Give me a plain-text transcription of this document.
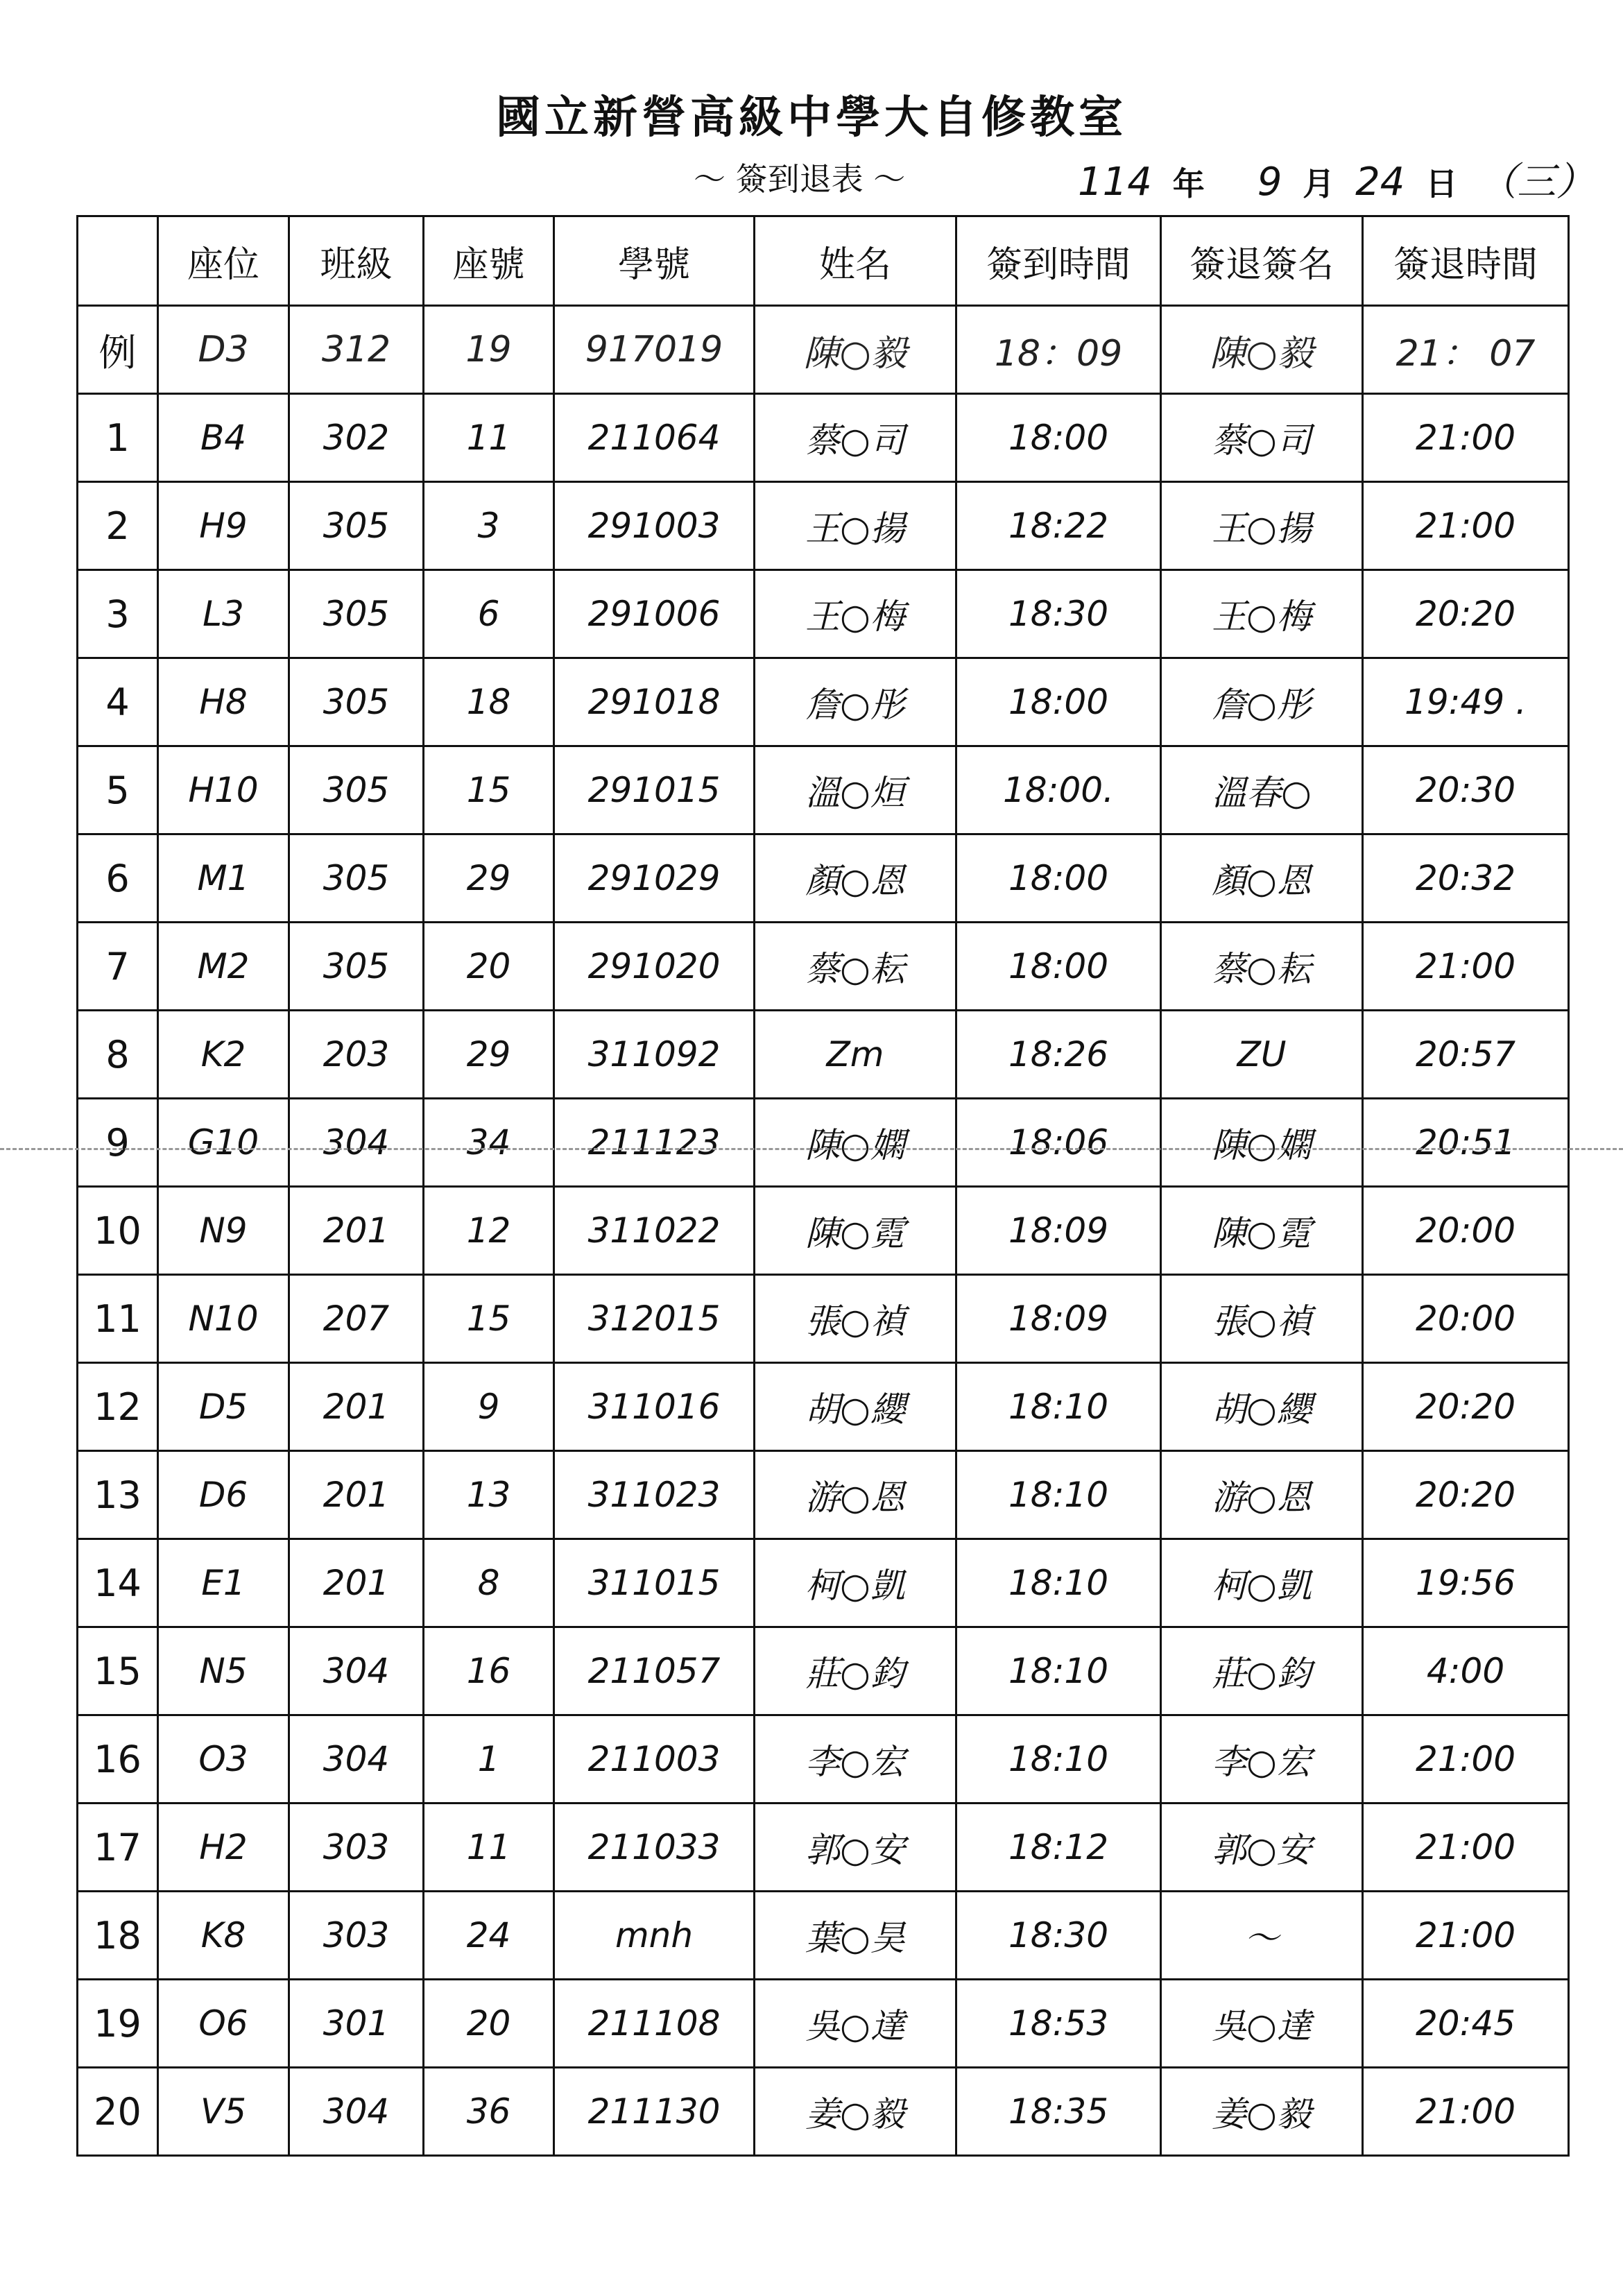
國立新營高級中學大自修教室
～ 簽到退表 ～	114 年 9 月 24 日 （三）
	座位	班級	座號	學號	姓名	簽到時間	簽退簽名	簽退時間
例	D3	312	19	917019	陳○毅	18：09	陳○毅	21： 07
1	B4	302	11	211064	蔡○司	18:00	蔡○司	21:00
2	H9	305	3	291003	王○揚	18:22	王○揚	21:00
3	L3	305	6	291006	王○梅	18:30	王○梅	20:20
4	H8	305	18	291018	詹○彤	18:00	詹○彤	19:49 .
5	H10	305	15	291015	溫○烜	18:00.	溫春○	20:30
6	M1	305	29	291029	顏○恩	18:00	顏○恩	20:32
7	M2	305	20	291020	蔡○耘	18:00	蔡○耘	21:00
8	K2	203	29	311092	Zm	18:26	ZU	20:57
9	G10	304	34	211123	陳○嫻	18:06	陳○嫻	20:51
10	N9	201	12	311022	陳○霓	18:09	陳○霓	20:00
11	N10	207	15	312015	張○禎	18:09	張○禎	20:00
12	D5	201	9	311016	胡○纓	18:10	胡○纓	20:20
13	D6	201	13	311023	游○恩	18:10	游○恩	20:20
14	E1	201	8	311015	柯○凱	18:10	柯○凱	19:56
15	N5	304	16	211057	莊○鈞	18:10	莊○鈞	4:00
16	O3	304	1	211003	李○宏	18:10	李○宏	21:00
17	H2	303	11	211033	郭○安	18:12	郭○安	21:00
18	K8	303	24	mnh	葉○昊	18:30	〜	21:00
19	O6	301	20	211108	吳○達	18:53	吳○達	20:45
20	V5	304	36	211130	姜○毅	18:35	姜○毅	21:00
